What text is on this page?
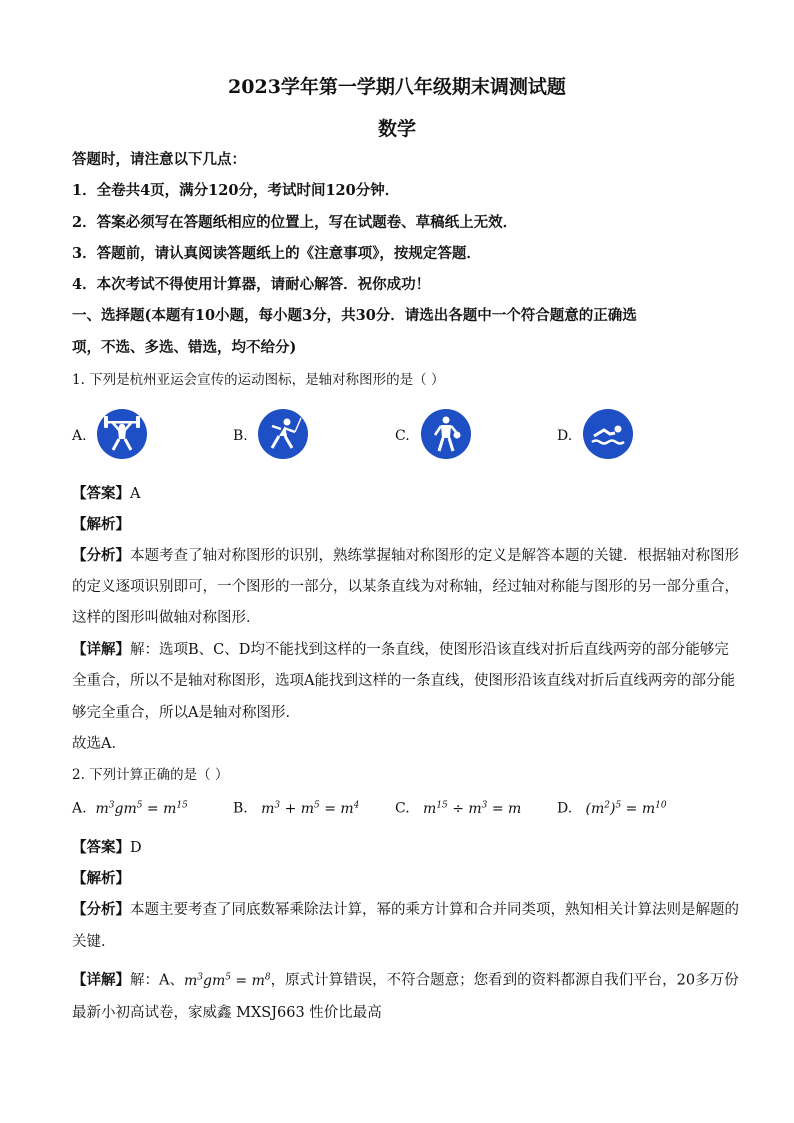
2023学年第一学期八年级期末调测试题
数学
答题时，请注意以下几点：
1．全卷共4页，满分120分，考试时间120分钟．
2．答案必须写在答题纸相应的位置上，写在试题卷、草稿纸上无效．
3．答题前，请认真阅读答题纸上的《注意事项》，按规定答题．
4．本次考试不得使用计算器，请耐心解答．祝你成功！
一、选择题(本题有10小题，每小题3分，共30分．请选出各题中一个符合题意的正确选
项，不选、多选、错选，均不给分)
1. 下列是杭州亚运会宣传的运动图标，是轴对称图形的是（ ）
A.	B.	C.	D.
【答案】A
【解析】
【分析】本题考查了轴对称图形的识别，熟练掌握轴对称图形的定义是解答本题的关键．根据轴对称图形
的定义逐项识别即可，一个图形的一部分，以某条直线为对称轴，经过轴对称能与图形的另一部分重合，
这样的图形叫做轴对称图形．
【详解】解：选项B、C、D均不能找到这样的一条直线，使图形沿该直线对折后直线两旁的部分能够完
全重合，所以不是轴对称图形，选项A能找到这样的一条直线，使图形沿该直线对折后直线两旁的部分能
够完全重合，所以A是轴对称图形．
故选A．
2. 下列计算正确的是（ ）
A.  $m^3gm^5 = m^{15}$	B.   $m^3 + m^5 = m^4$	C.   $m^{15} \div m^3 = m$	D.   $(m^2)^5 = m^{10}$
【答案】D
【解析】
【分析】本题主要考查了同底数幂乘除法计算，幂的乘方计算和合并同类项，熟知相关计算法则是解题的
关键．
【详解】解：A、$m^3gm^5 = m^8$，原式计算错误，不符合题意；您看到的资料都源自我们平台，20多万份
最新小初高试卷，家威鑫 MXSJ663 性价比最高
